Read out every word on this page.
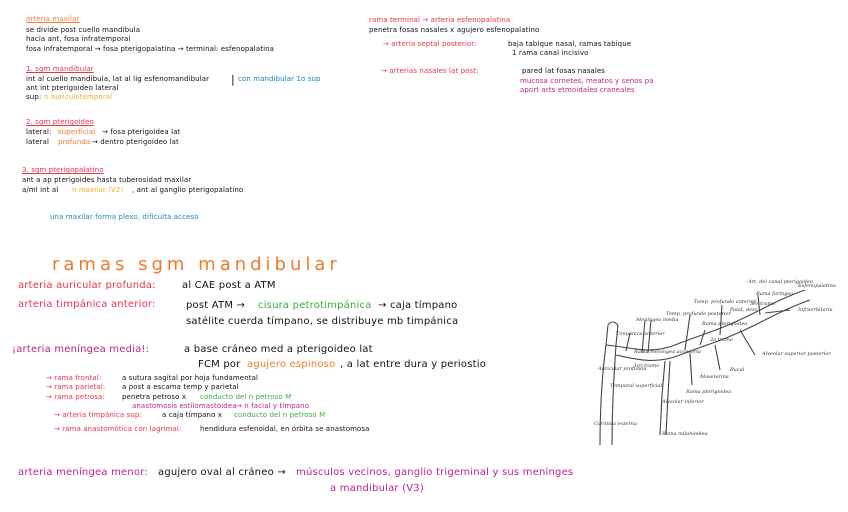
arteria maxilar
se divide post cuello mandibula
hacia ant, fosa infratemporal
fosa infratemporal → fosa pterigopalatina → terminal: esfenopalatina
1. sgm mandibular
int al cuello mandibula, lat al lig esfenomandibular | con mandibular 1o sup
ant int pterigoideo lateral
sup: n auriculotemporal
2. sgm pterigoideo
lateral: superficial → fosa pterigoidea lat
lateral profunda → dentro pterigoideo lat
3. sgm pterigopalatino
ant a ap pterigoides hasta tuberosidad maxilar
a/ml int al n maxilar (V2) , ant al ganglio pterigopalatino
una maxilar forma plexo, dificulta acceso
rama terminal → arteria esfenopalatina
penetra fosas nasales x agujero esfenopalatino
→ arteria septal posterior:	baja tabique nasal, ramas tabique
1 rama canal incisivo
→ arterias nasales lat post:	pared lat fosas nasales
mucosa cornetes, meatos y senos pa
aport arts etmoidales craneales
ramas sgm mandibular
arteria auricular profunda:	al CAE post a ATM
arteria timpánica anterior:	post ATM → cisura petrotimpánica → caja tímpano
satélite cuerda tímpano, se distribuye mb timpánica
¡arteria meníngea media!:	a base cráneo med a pterigoideo lat
FCM por agujero espinoso , a lat entre dura y periostio
→ rama frontal:	a sutura sagital por hoja fundamental
→ rama parietal: a post a escama temp y parietal
→ rama petrosa: penetra petroso x conducto del n petroso M
anastomosis estilomastoidea → n facial y tímpano
→ arteria timpánica sup:	a caja tímpano x conducto del n petroso M
→ rama anastomótica con lagrimal:	hendidura esfenoidal, en órbita se anastomosa
arteria meníngea menor: agujero oval al cráneo → músculos vecinos, ganglio trigeminal y sus meninges
a mandibular (V3)
Esfenopalatina
Art. del canal pterigoideo
Rama faríngea
Infraorbitaria
Temp. profundo anterior
Temp. profundo posterior
Palat. desc.
Meníngea media
Timpánica anterior
Rama pterigoidea
Rama meníngea accesoria	Alveolar superior posterior
Auricular profunda
1er tramo
2o tramo
3er tramo
Bucal
Temporal superficial
Maseterina
Rama pterigoidea
Alveolar inferior
Carótida externa
Rama milohioidea
